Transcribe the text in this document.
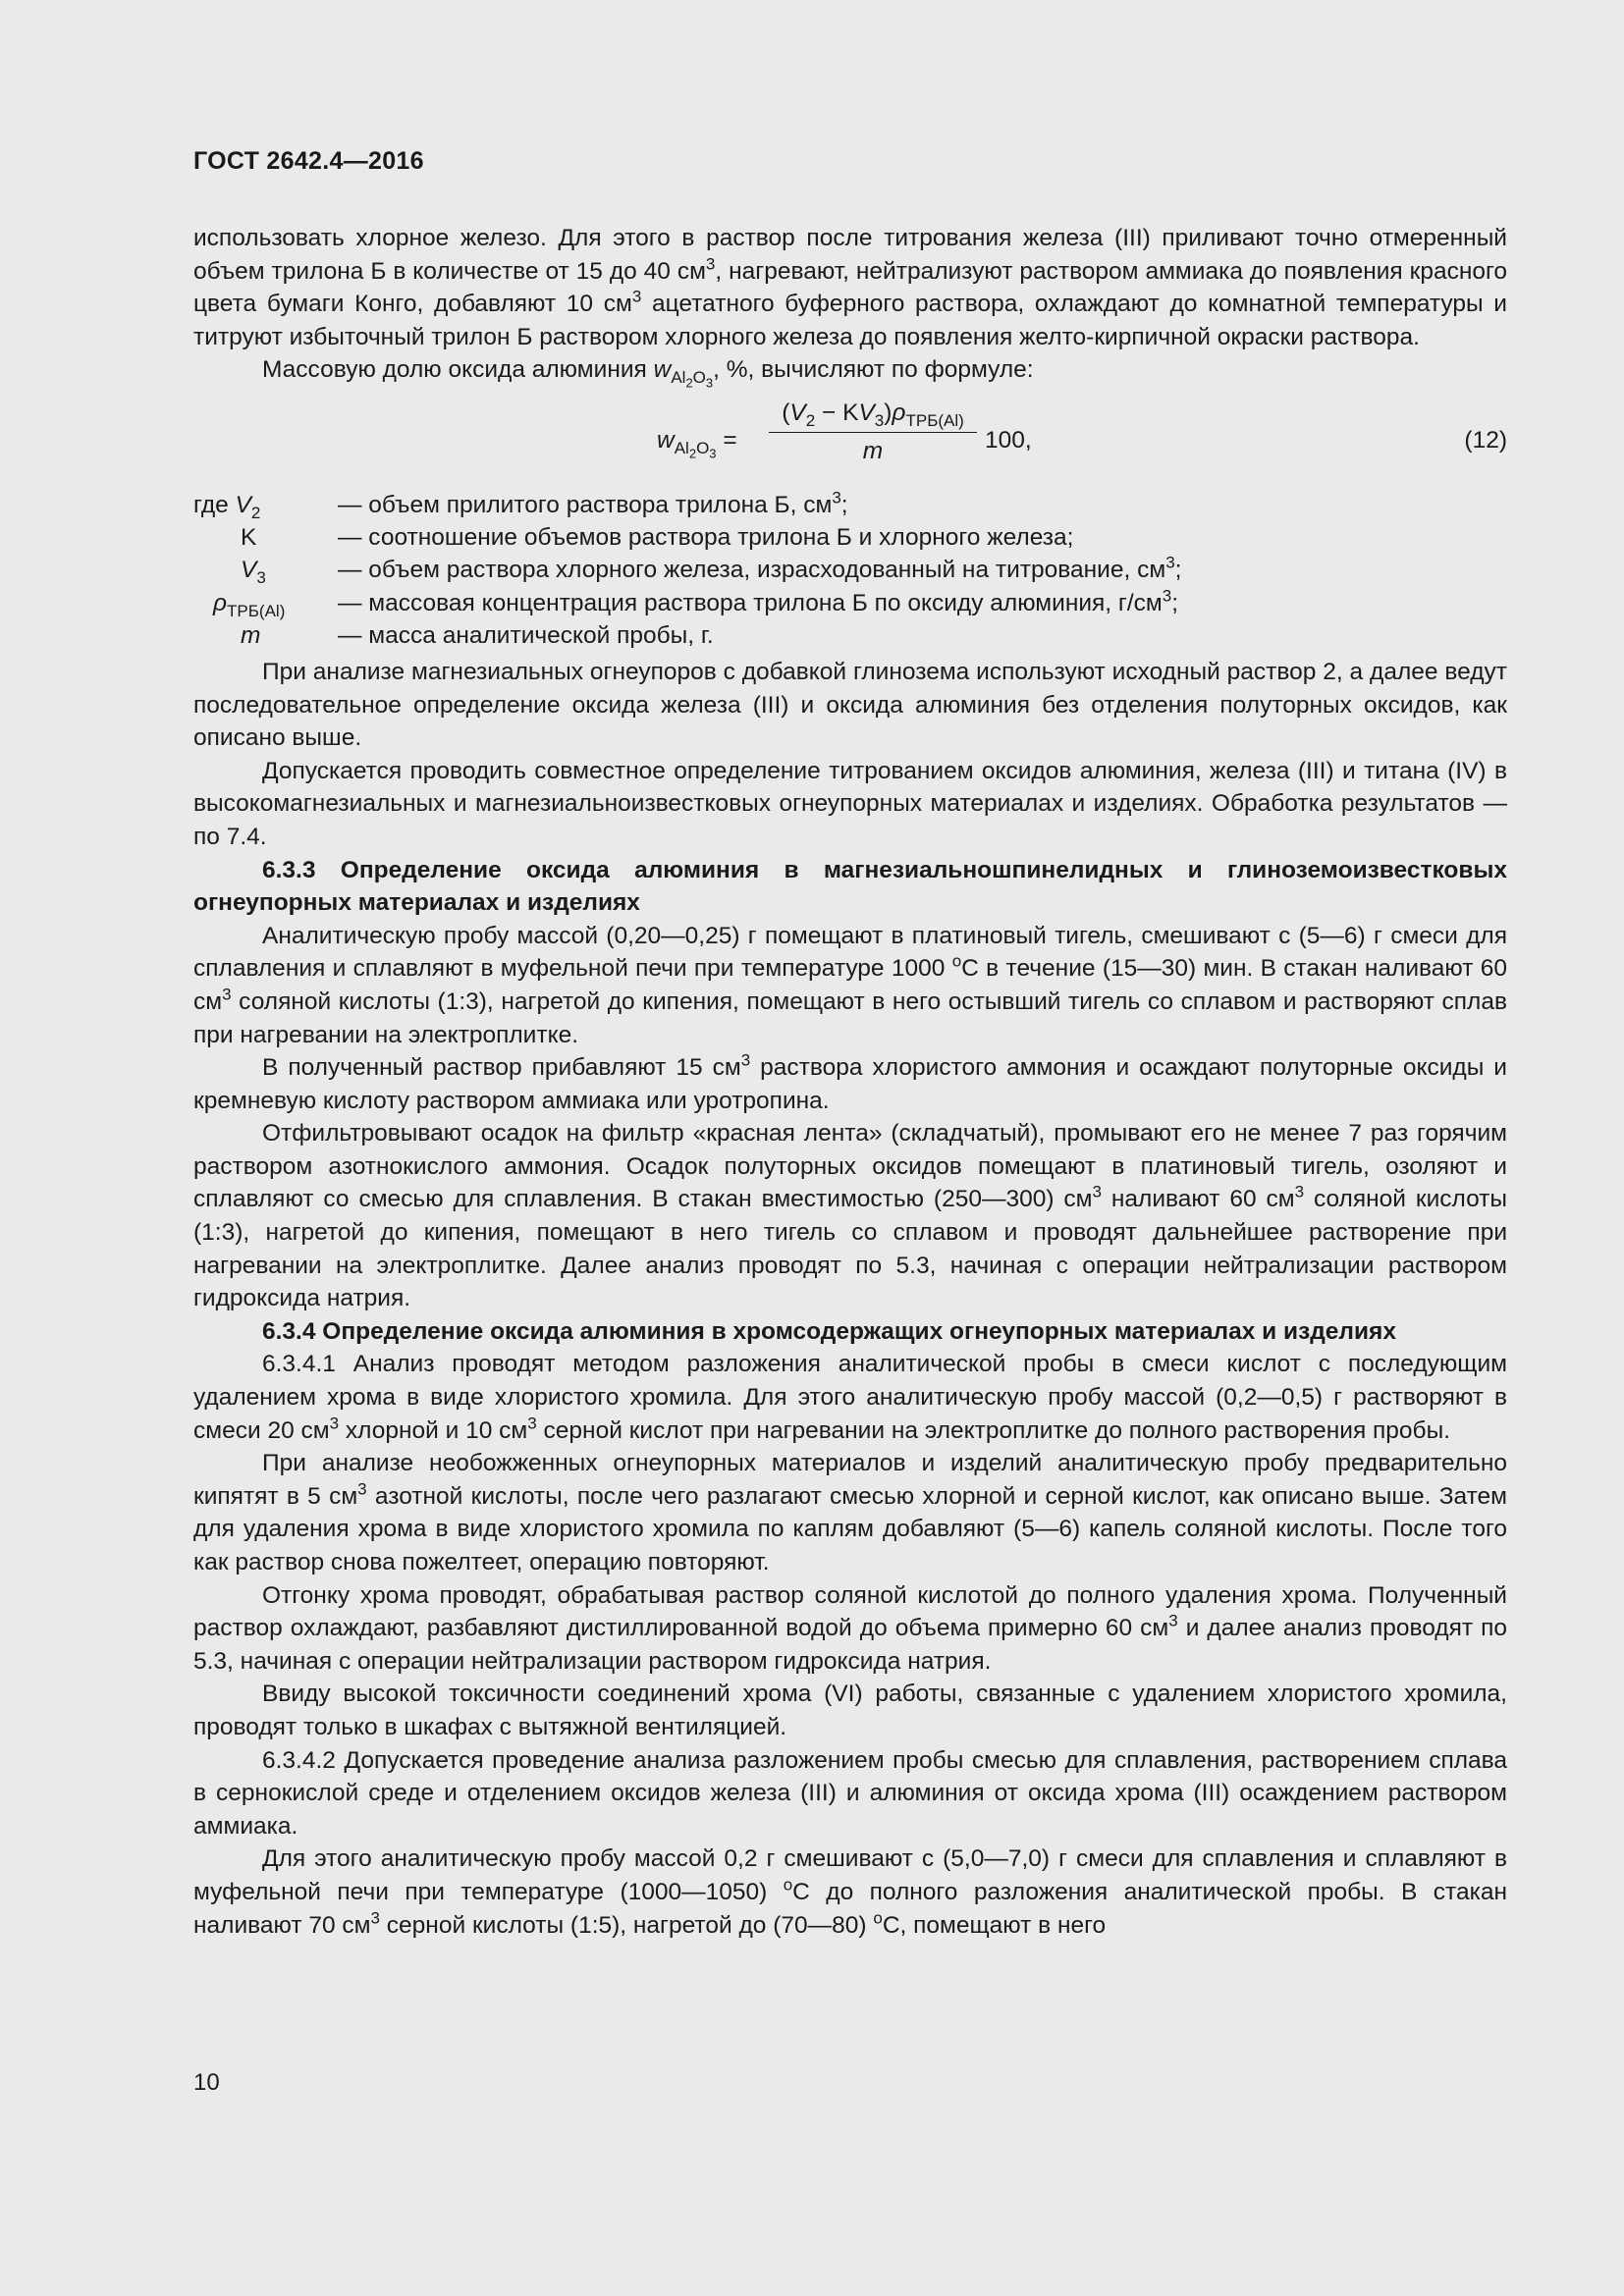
ГОСТ 2642.4—2016

использовать хлорное железо. Для этого в раствор после титрования железа (III) приливают точно отмеренный объем трилона Б в количестве от 15 до 40 $см^3$, нагревают, нейтрализуют раствором аммиака до появления красного цвета бумаги Конго, добавляют 10 $см^3$ ацетатного буферного раствора, охлаждают до комнатной температуры и титруют избыточный трилон Б раствором хлорного железа до появления желто-кирпичной окраски раствора.

Массовую долю оксида алюминия $w_{Al_2O_3}$, %, вычисляют по формуле:

$w_{Al_2O_3}$ =
$(V_2 - KV_3)\rho_{ТРБ(Al)}$
m	100,	(12)
где $V_2$	— объем прилитого раствора трилона Б, $см^3$;
K	— соотношение объемов раствора трилона Б и хлорного железа;
$V_3$	— объем раствора хлорного железа, израсходованный на титрование, $см^3$;
$\rho_{ТРБ(Al)}$ — массовая концентрация раствора трилона Б по оксиду алюминия, $г/см^3$;
m	— масса аналитической пробы, г.

При анализе магнезиальных огнеупоров с добавкой глинозема используют исходный раствор 2, а далее ведут последовательное определение оксида железа (III) и оксида алюминия без отделения полуторных оксидов, как описано выше.

Допускается проводить совместное определение титрованием оксидов алюминия, железа (III) и титана (IV) в высокомагнезиальных и магнезиальноизвестковых огнеупорных материалах и изделиях. Обработка результатов — по 7.4.

6.3.3 Определение оксида алюминия в магнезиальношпинелидных и глиноземоизвестковых огнеупорных материалах и изделиях

Аналитическую пробу массой (0,20—0,25) г помещают в платиновый тигель, смешивают с (5—6) г смеси для сплавления и сплавляют в муфельной печи при температуре 1000 $^о$С в течение (15—30) мин. В стакан наливают 60 $см^3$ соляной кислоты (1:3), нагретой до кипения, помещают в него остывший тигель со сплавом и растворяют сплав при нагревании на электроплитке.

В полученный раствор прибавляют 15 $см^3$ раствора хлористого аммония и осаждают полуторные оксиды и кремневую кислоту раствором аммиака или уротропина.

Отфильтровывают осадок на фильтр «красная лента» (складчатый), промывают его не менее 7 раз горячим раствором азотнокислого аммония. Осадок полуторных оксидов помещают в платиновый тигель, озоляют и сплавляют со смесью для сплавления. В стакан вместимостью (250—300) $см^3$ наливают 60 $см^3$ соляной кислоты (1:3), нагретой до кипения, помещают в него тигель со сплавом и проводят дальнейшее растворение при нагревании на электроплитке. Далее анализ проводят по 5.3, начиная с операции нейтрализации раствором гидроксида натрия.

6.3.4 Определение оксида алюминия в хромсодержащих огнеупорных материалах и изделиях

6.3.4.1 Анализ проводят методом разложения аналитической пробы в смеси кислот с последующим удалением хрома в виде хлористого хромила. Для этого аналитическую пробу массой (0,2—0,5) г растворяют в смеси 20 $см^3$ хлорной и 10 $см^3$ серной кислот при нагревании на электроплитке до полного растворения пробы.

При анализе необожженных огнеупорных материалов и изделий аналитическую пробу предварительно кипятят в 5 $см^3$ азотной кислоты, после чего разлагают смесью хлорной и серной кислот, как описано выше. Затем для удаления хрома в виде хлористого хромила по каплям добавляют (5—6) капель соляной кислоты. После того как раствор снова пожелтеет, операцию повторяют.

Отгонку хрома проводят, обрабатывая раствор соляной кислотой до полного удаления хрома. Полученный раствор охлаждают, разбавляют дистиллированной водой до объема примерно 60 $см^3$ и далее анализ проводят по 5.3, начиная с операции нейтрализации раствором гидроксида натрия.

Ввиду высокой токсичности соединений хрома (VI) работы, связанные с удалением хлористого хромила, проводят только в шкафах с вытяжной вентиляцией.

6.3.4.2 Допускается проведение анализа разложением пробы смесью для сплавления, растворением сплава в сернокислой среде и отделением оксидов железа (III) и алюминия от оксида хрома (III) осаждением раствором аммиака.

Для этого аналитическую пробу массой 0,2 г смешивают с (5,0—7,0) г смеси для сплавления и сплавляют в муфельной печи при температуре (1000—1050) $^о$С до полного разложения аналитической пробы. В стакан наливают 70 $см^3$ серной кислоты (1:5), нагретой до (70—80) $^о$С, помещают в него

10
